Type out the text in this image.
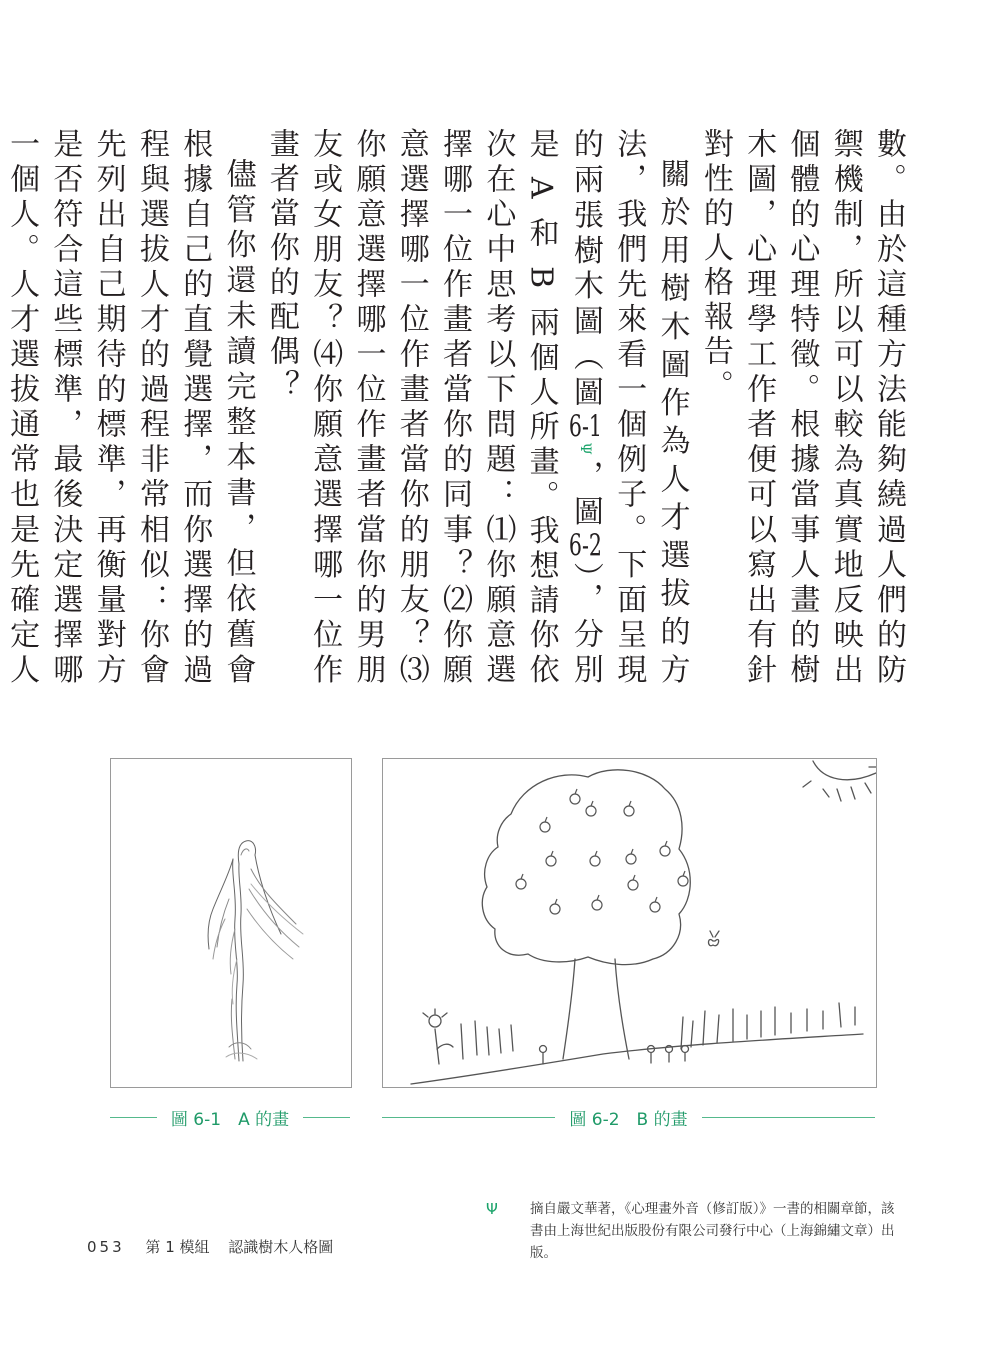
數。由於這種方法能夠繞過人們的防禦機制，所以可以較為真實地反映出個體的心理特徵。根據當事人畫的樹木圖，心理學工作者便可以寫出有針對性的人格報告。

關於用樹木圖作為人才選拔的方法，我們先來看一個例子。下面呈現的兩張樹木圖（圖6-1Ψ，圖6-2），分別是 A 和 B 兩個人所畫。我想請你依次在心中思考以下問題：⑴你願意選擇哪一位作畫者當你的同事？⑵你願意選擇哪一位作畫者當你的朋友？⑶你願意選擇哪一位作畫者當你的男朋友或女朋友？⑷你願意選擇哪一位作畫者當你的配偶？

儘管你還未讀完整本書，但依舊會根據自己的直覺選擇，而你選擇的過程與選拔人才的過程非常相似：你會先列出自己期待的標準，再衡量對方是否符合這些標準，最後決定選擇哪一個人。人才選拔通常也是先確定人

圖 6-1　A 的畫	圖 6-2　B 的畫
Ψ 摘自嚴文華著，《心理畫外音（修訂版）》一書的相關章節，該書由上海世紀出版股份有限公司發行中心（上海錦繡文章）出版。
053 第 1 模組 認識樹木人格圖
